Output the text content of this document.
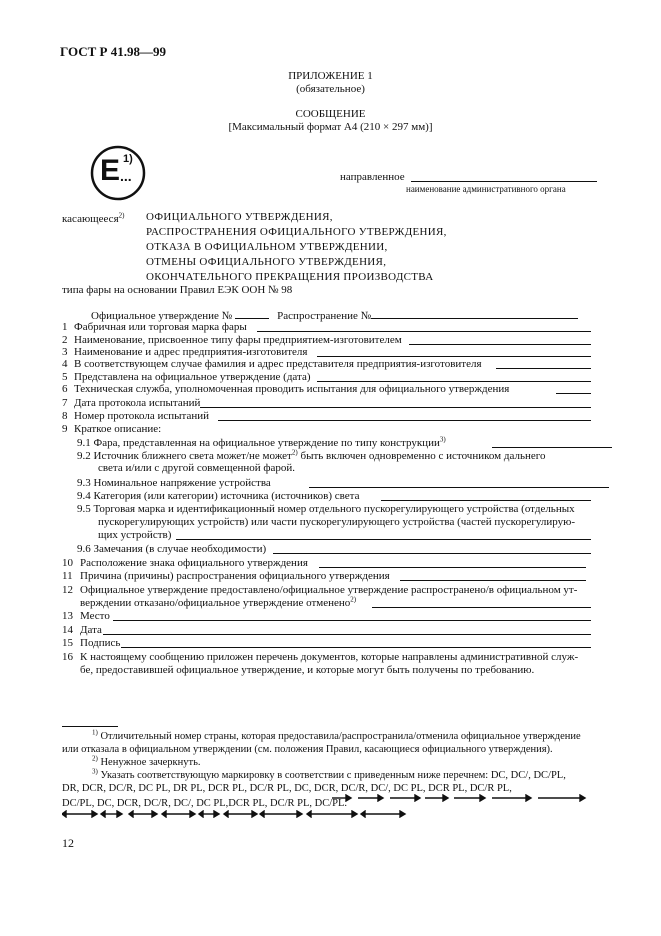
ГОСТ Р 41.98—99
ПРИЛОЖЕНИЕ 1
(обязательное)
СООБЩЕНИЕ
[Максимальный формат А4 (210 × 297 мм)]
E ...
1)
направленное
наименование административного органа
касающееся$^{2)}$ ОФИЦИАЛЬНОГО УТВЕРЖДЕНИЯ,
РАСПРОСТРАНЕНИЯ ОФИЦИАЛЬНОГО УТВЕРЖДЕНИЯ,
ОТКАЗА В ОФИЦИАЛЬНОМ УТВЕРЖДЕНИИ,
ОТМЕНЫ ОФИЦИАЛЬНОГО УТВЕРЖДЕНИЯ,
ОКОНЧАТЕЛЬНОГО ПРЕКРАЩЕНИЯ ПРОИЗВОДСТВА
типа фары на основании Правил ЕЭК ООН № 98
Официальное утверждение №	Распространение №
1 Фабричная или торговая марка фары
2 Наименование, присвоенное типу фары предприятием-изготовителем
3 Наименование и адрес предприятия-изготовителя
4 В соответствующем случае фамилия и адрес представителя предприятия-изготовителя
5 Представлена на официальное утверждение (дата)
6 Техническая служба, уполномоченная проводить испытания для официального утверждения
7 Дата протокола испытаний
8 Номер протокола испытаний
9 Краткое описание:
9.1 Фара, представленная на официальное утверждение по типу конструкции$^{3)}$
9.2 Источник ближнего света может/не может$^{2)}$ быть включен одновременно с источником дальнего
света и/или с другой совмещенной фарой.
9.3 Номинальное напряжение устройства
9.4 Категория (или категории) источника (источников) света
9.5 Торговая марка и идентификационный номер отдельного пускорегулирующего устройства (отдельных
пускорегулирующих устройств) или части пускорегулирующего устройства (частей пускорегулирую-
щих устройств)
9.6 Замечания (в случае необходимости)
10 Расположение знака официального утверждения
11 Причина (причины) распространения официального утверждения
12 Официальное утверждение предоставлено/официальное утверждение распространено/в официальном ут-
верждении отказано/официальное утверждение отменено$^{2)}$
13 Место
14 Дата
15 Подпись
16 К настоящему сообщению приложен перечень документов, которые направлены административной служ-
бе, предоставившей официальное утверждение, и которые могут быть получены по требованию.
$^{1)}$ Отличительный номер страны, которая предоставила/распространила/отменила официальное утверждение
или отказала в официальном утверждении (см. положения Правил, касающиеся официального утверждения).
$^{2)}$ Ненужное зачеркнуть.
$^{3)}$ Указать соответствующую маркировку в соответствии с приведенным ниже перечнем: DC, DC/, DC/PL,
DR, DCR, DC/R, DC PL, DR PL, DCR PL, DC/R PL, DC, DCR, DC/R, DC/, DC PL, DCR PL, DC/R PL,
DC/PL, DC, DCR, DC/R, DC/, DC PL,DCR PL, DC/R PL, DC/PL.
12
